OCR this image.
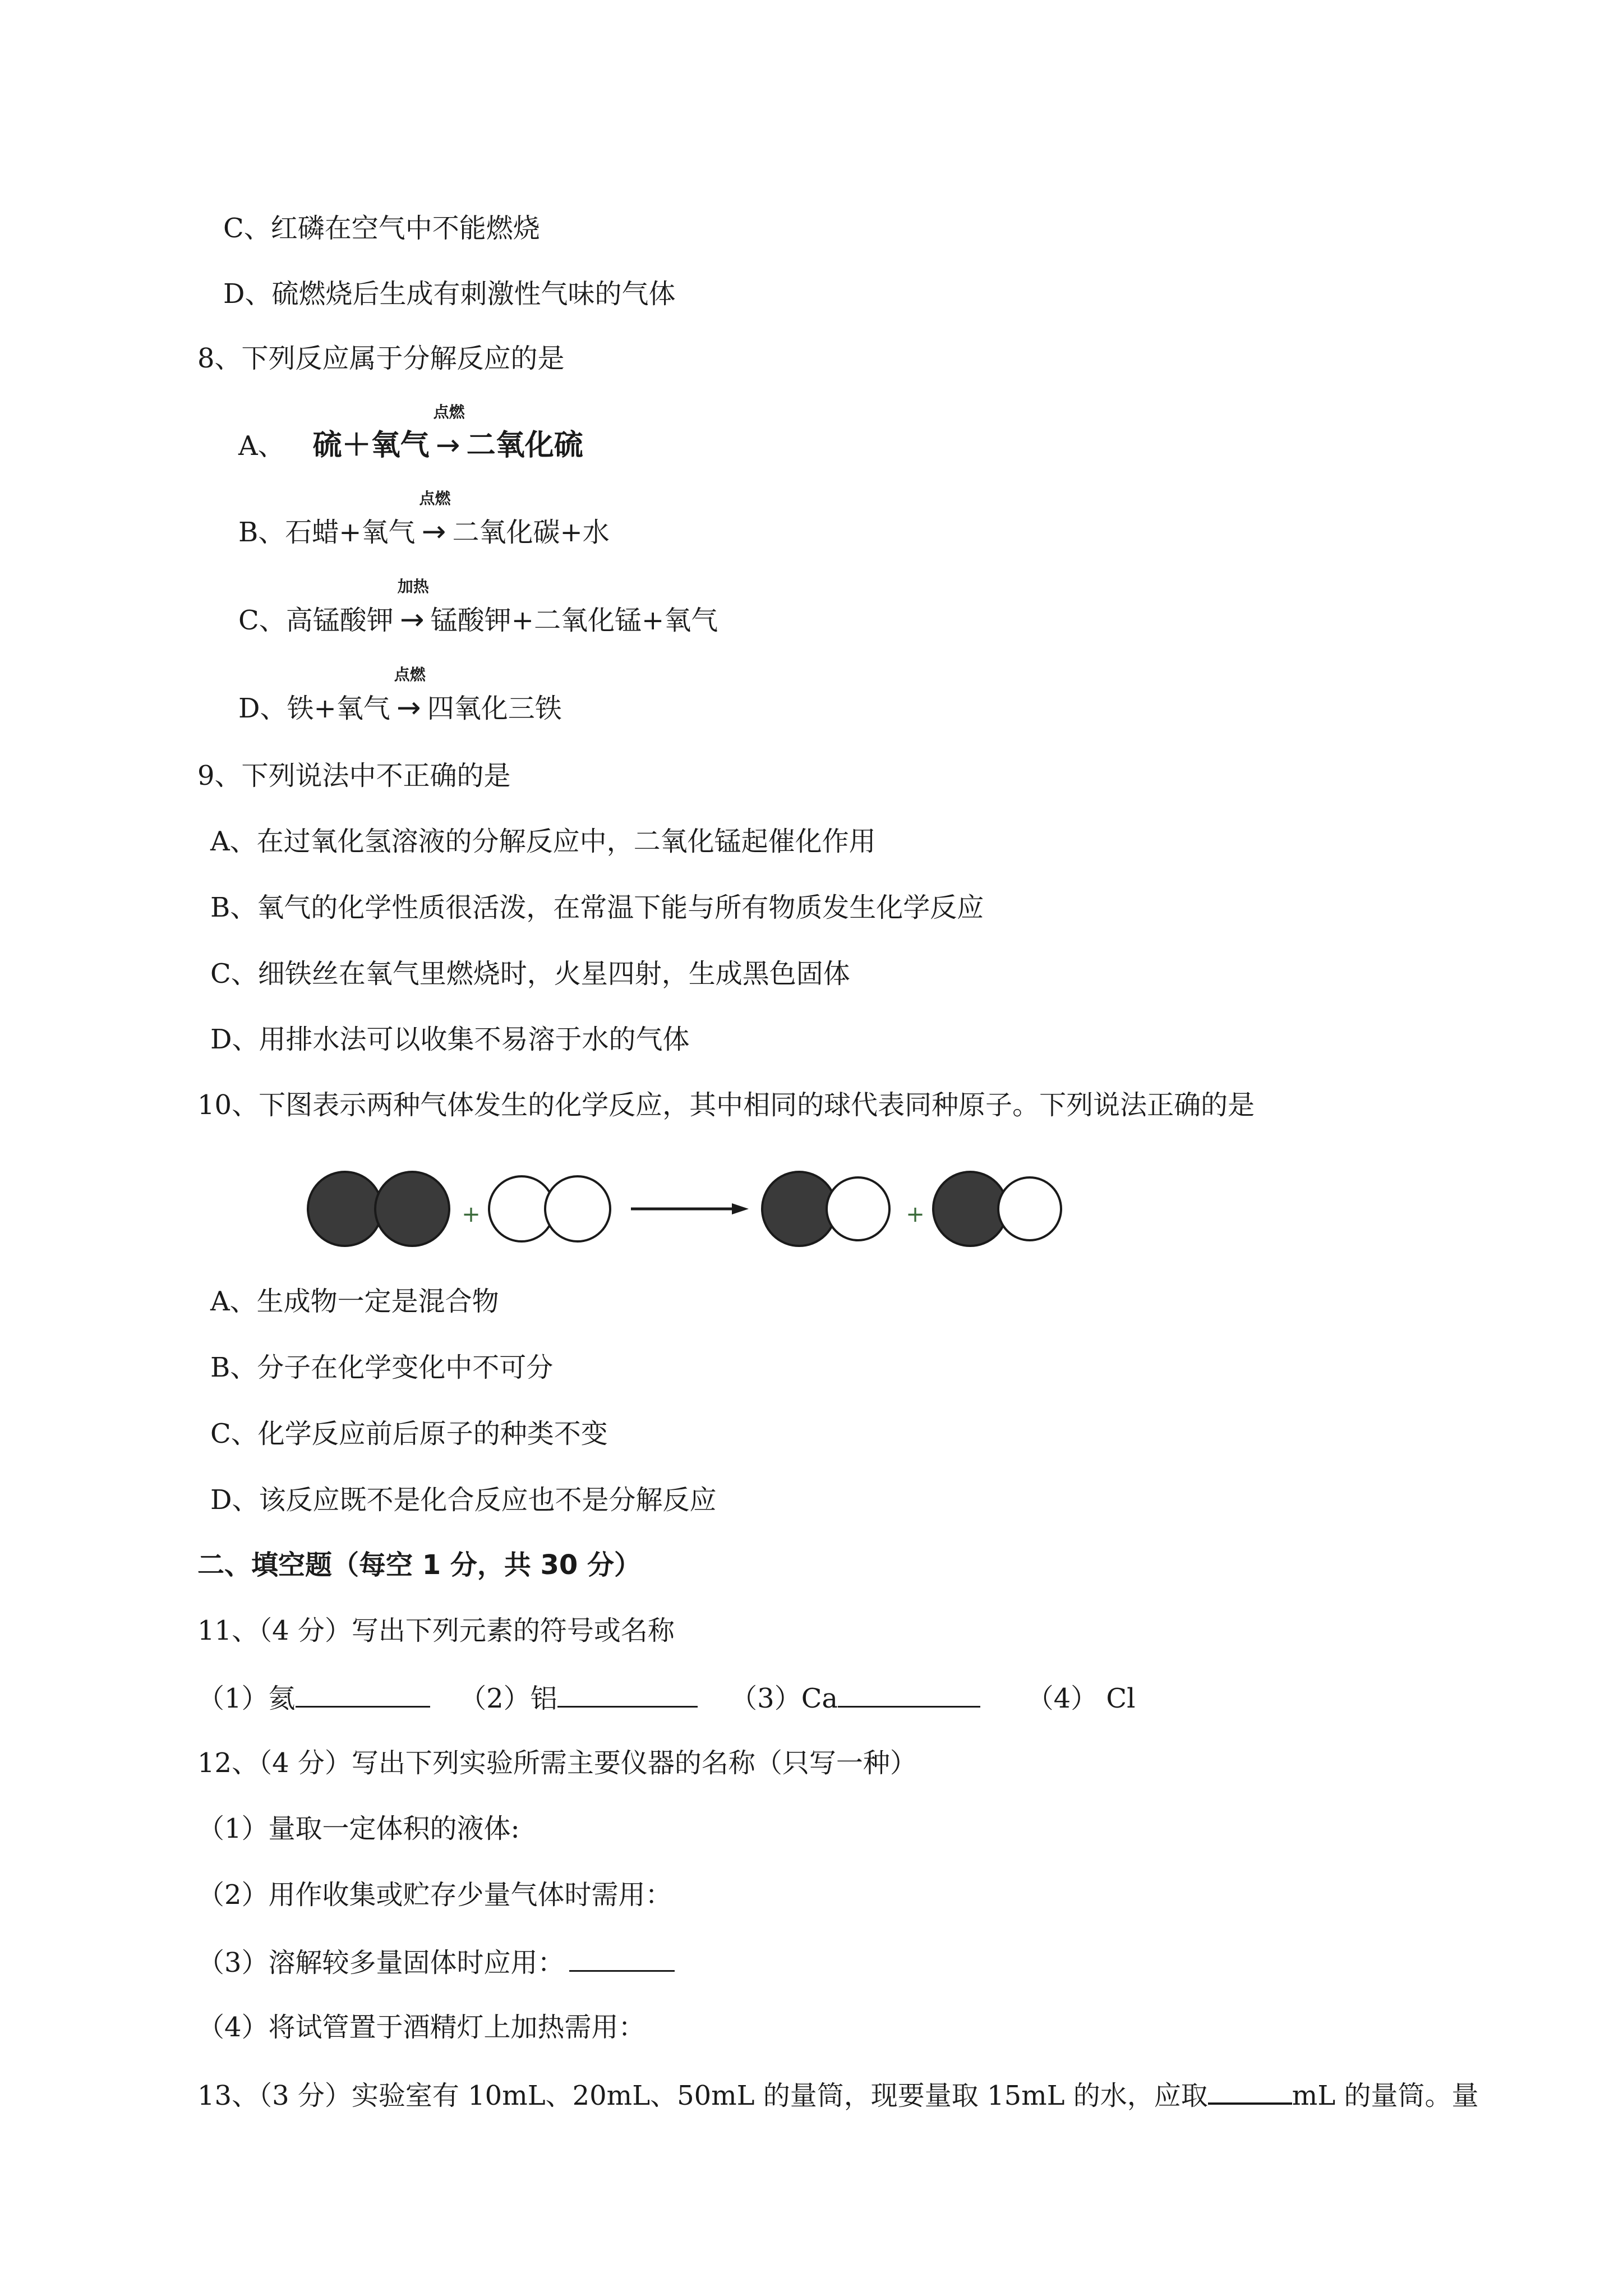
C、红磷在空气中不能燃烧
D、硫燃烧后生成有刺激性气味的气体
8、下列反应属于分解反应的是
A、 硫＋氧气
点燃
→ 二氧化硫
B、 石蜡+氧气
点燃
→ 二氧化碳+水
C、 高锰酸钾
加热
→ 锰酸钾+二氧化锰+氧气
D、 铁+氧气
点燃
→ 四氧化三铁
9、下列说法中不正确的是
A、在过氧化氢溶液的分解反应中，二氧化锰起催化作用
B、氧气的化学性质很活泼，在常温下能与所有物质发生化学反应
C、细铁丝在氧气里燃烧时，火星四射，生成黑色固体
D、用排水法可以收集不易溶于水的气体
10、下图表示两种气体发生的化学反应，其中相同的球代表同种原子。下列说法正确的是
+	+
A、生成物一定是混合物
B、分子在化学变化中不可分
C、化学反应前后原子的种类不变
D、该反应既不是化合反应也不是分解反应
二、填空题（每空 1 分，共 30 分）
11、（4 分）写出下列元素的符号或名称
（1）氦	（2）铝	（3）Ca	（4） Cl
12、（4 分）写出下列实验所需主要仪器的名称（只写一种）
（1）量取一定体积的液体:
（2）用作收集或贮存少量气体时需用：
（3）溶解较多量固体时应用：
（4）将试管置于酒精灯上加热需用：
13、（3 分）实验室有 10mL、20mL、50mL 的量筒，现要量取 15mL 的水，应取	mL 的量筒。量
